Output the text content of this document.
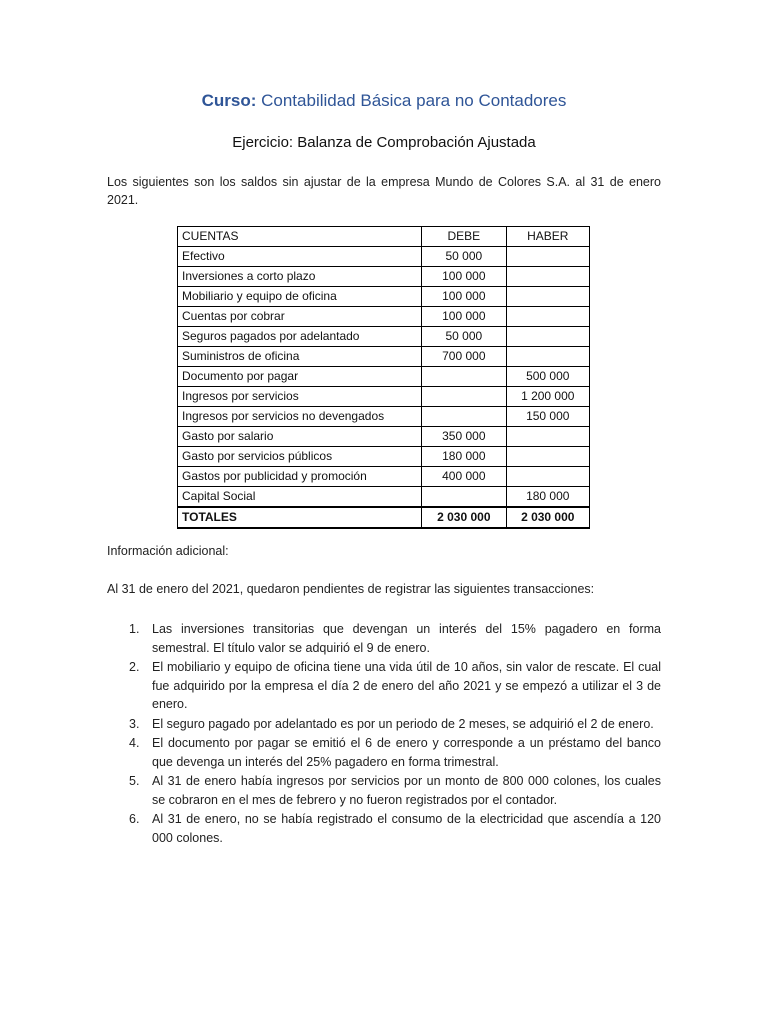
Curso: Contabilidad Básica para no Contadores
Ejercicio: Balanza de Comprobación Ajustada
Los siguientes son los saldos sin ajustar de la empresa Mundo de Colores S.A. al 31 de enero 2021.
CUENTAS	DEBE	HABER
Efectivo	50 000	
Inversiones a corto plazo	100 000	
Mobiliario y equipo de oficina	100 000	
Cuentas por cobrar	100 000	
Seguros pagados por adelantado	50 000	
Suministros de oficina	700 000	
Documento por pagar		500 000
Ingresos por servicios		1 200 000
Ingresos por servicios no devengados		150 000
Gasto por salario	350 000	
Gasto por servicios públicos	180 000	
Gastos por publicidad y promoción	400 000	
Capital Social		180 000
TOTALES	2 030 000	2 030 000
Información adicional:
Al 31 de enero del 2021, quedaron pendientes de registrar las siguientes transacciones:
1. Las inversiones transitorias que devengan un interés del 15% pagadero en forma semestral. El título valor se adquirió el 9 de enero.
2. El mobiliario y equipo de oficina tiene una vida útil de 10 años, sin valor de rescate. El cual fue adquirido por la empresa el día 2 de enero del año 2021 y se empezó a utilizar el 3 de enero.
3. El seguro pagado por adelantado es por un periodo de 2 meses, se adquirió el 2 de enero.
4. El documento por pagar se emitió el 6 de enero y corresponde a un préstamo del banco que devenga un interés del 25% pagadero en forma trimestral.
5. Al 31 de enero había ingresos por servicios por un monto de 800 000 colones, los cuales se cobraron en el mes de febrero y no fueron registrados por el contador.
6. Al 31 de enero, no se había registrado el consumo de la electricidad que ascendía a 120 000 colones.
